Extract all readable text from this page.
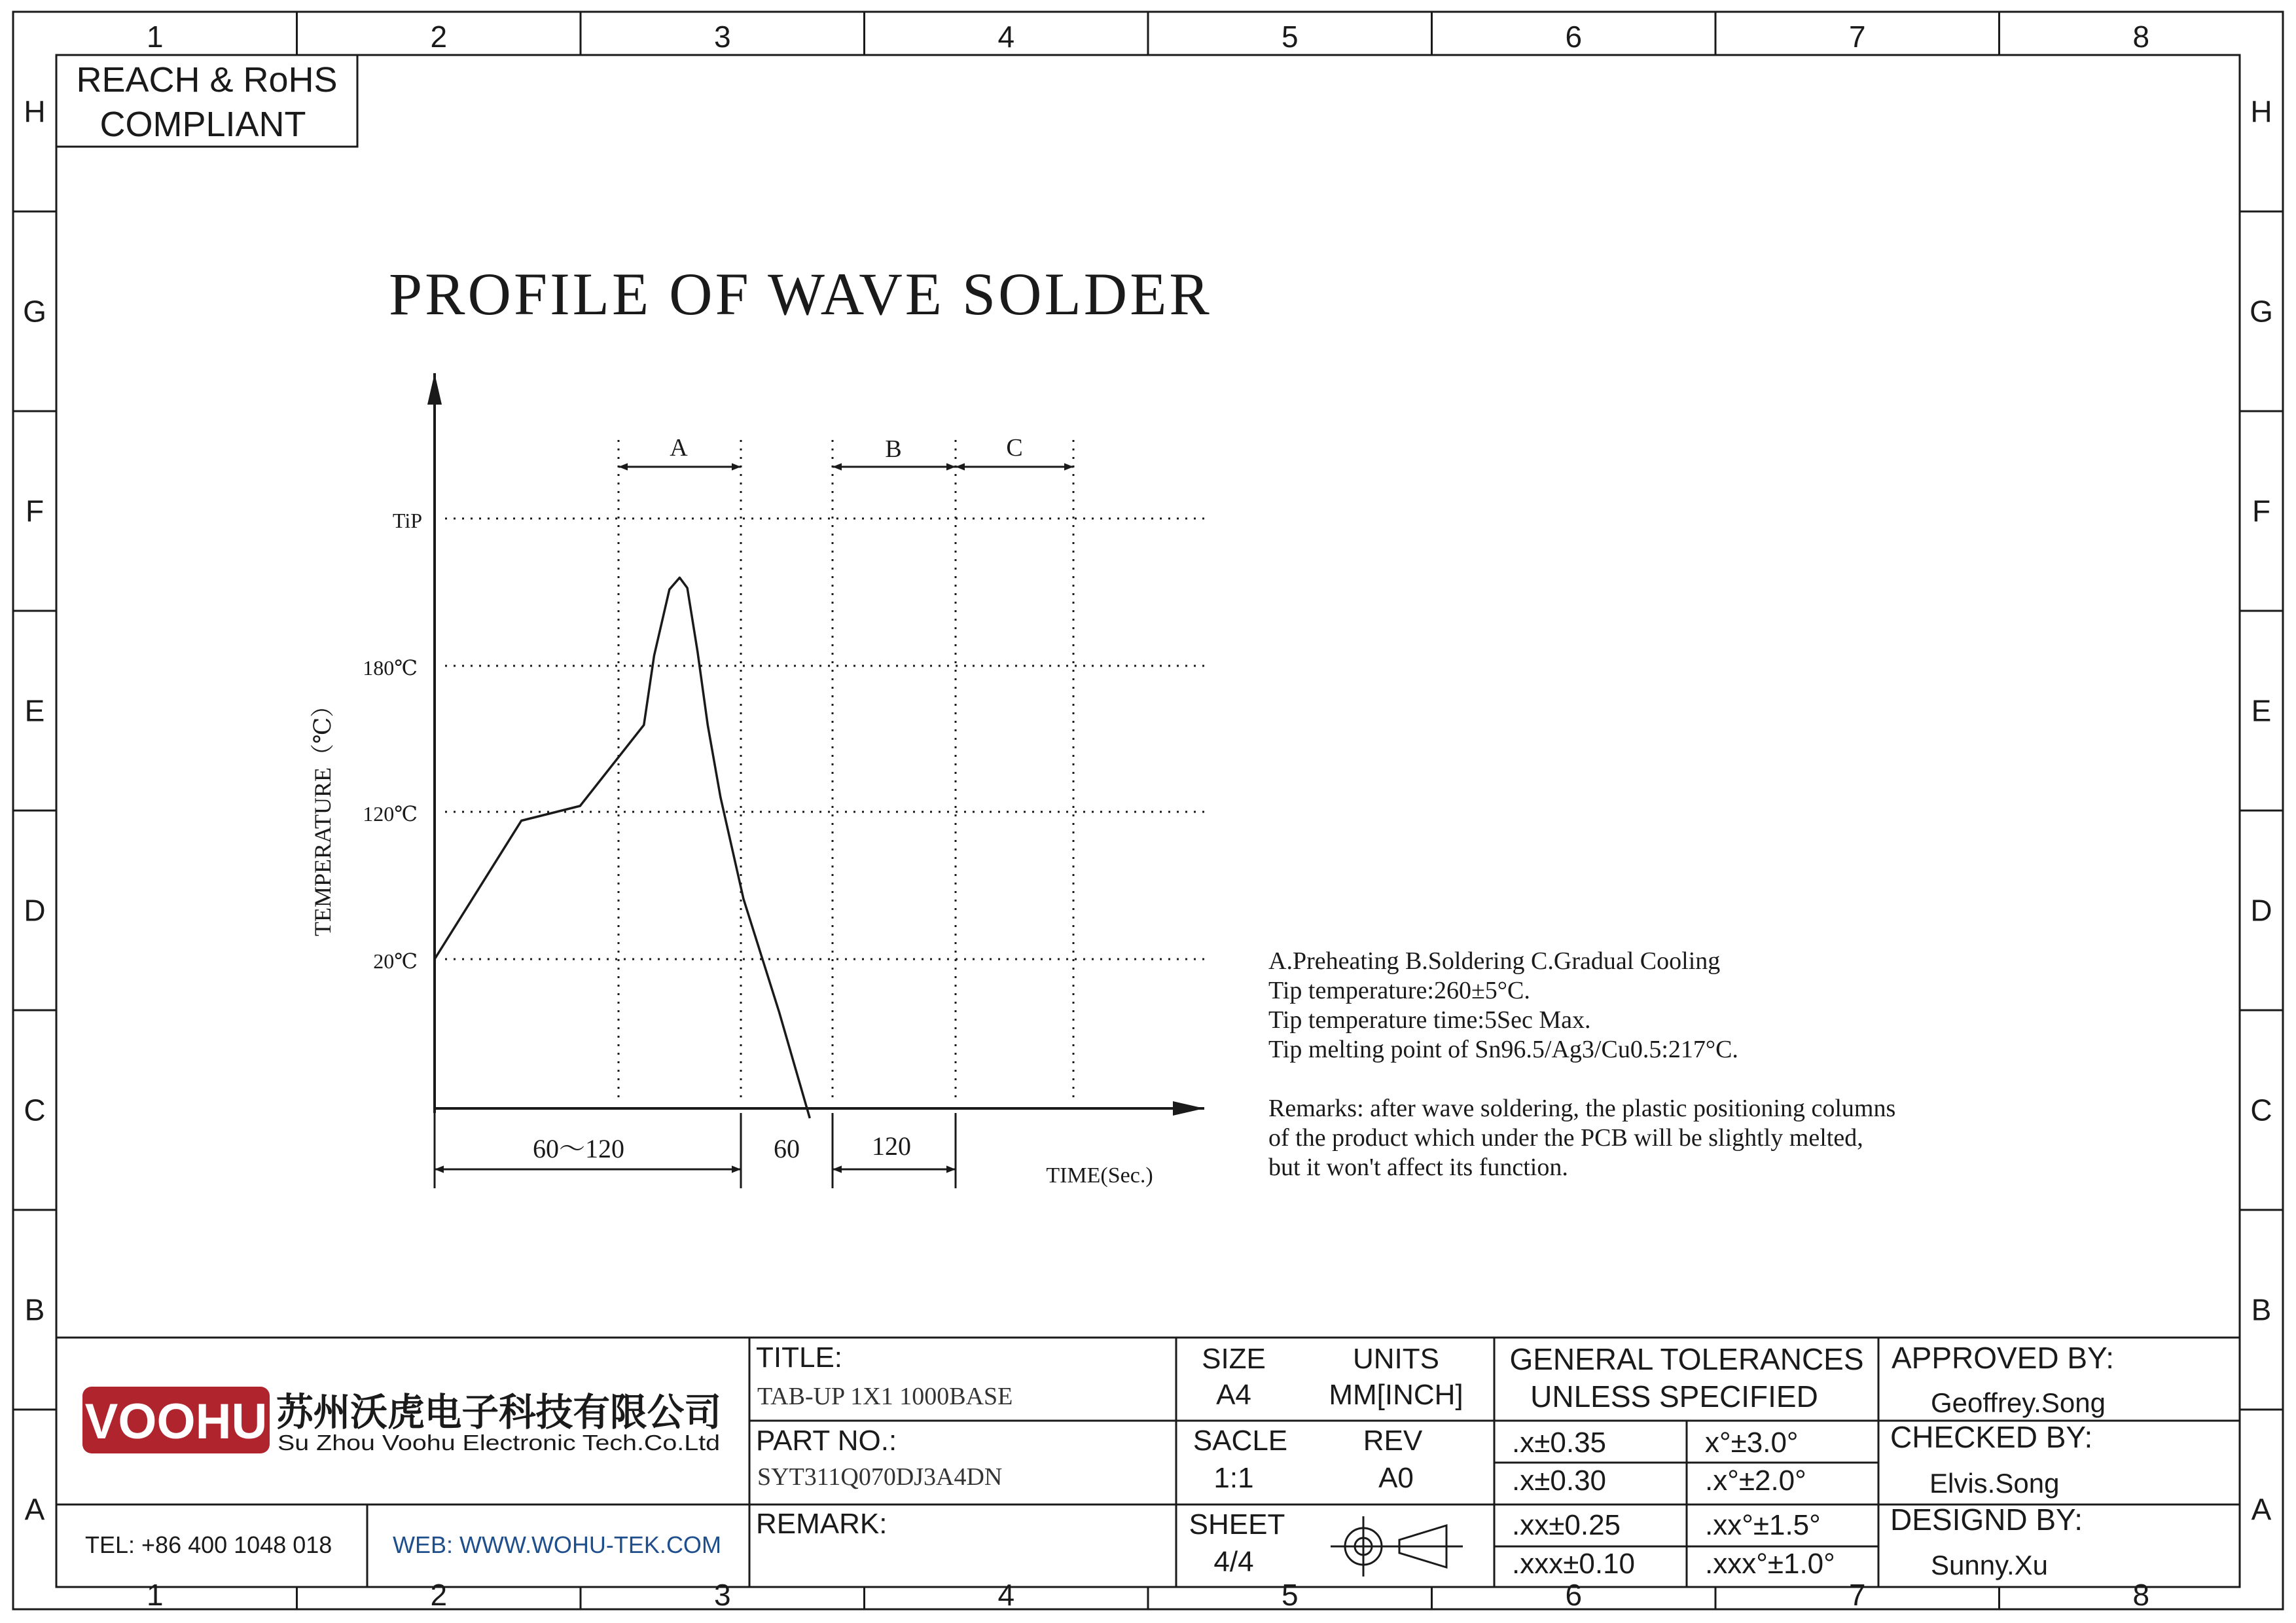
1
1
2
2
3
3
4
4
5
5
6
6
7
7
8
8
H	H
G	G
F	F
E	E
D	D
C	C
B	B
A	A
REACH & RoHS
COMPLIANT
PROFILE OF WAVE SOLDER
A	B	C
TiP
180℃
120℃
20℃
TEMPERATURE（℃）
60～120	60	120
TIME(Sec.)
A.Preheating B.Soldering C.Gradual Cooling
Tip temperature:260±5°C.
Tip temperature time:5Sec Max.
Tip melting point of Sn96.5/Ag3/Cu0.5:217°C.
Remarks: after wave soldering, the plastic positioning columns
of the product which under the PCB will be slightly melted,
but it won't affect its function.
VOOHU 苏州沃虎电子科技有限公司
Su Zhou Voohu Electronic Tech.Co.Ltd
TEL: +86 400 1048 018	WEB: WWW.WOHU-TEK.COM
TITLE:
TAB-UP 1X1 1000BASE
PART NO.:
SYT311Q070DJ3A4DN
REMARK:
SIZE
A4
UNITS
MM[INCH]
SACLE
1:1
REV
A0
SHEET
4/4
GENERAL TOLERANCES
UNLESS SPECIFIED
.x±0.35	x°±3.0°
.x±0.30	.x°±2.0°
.xx±0.25	.xx°±1.5°
.xxx±0.10 .xxx°±1.0°
APPROVED BY:
Geoffrey.Song
CHECKED BY:
Elvis.Song
DESIGND BY:
Sunny.Xu
